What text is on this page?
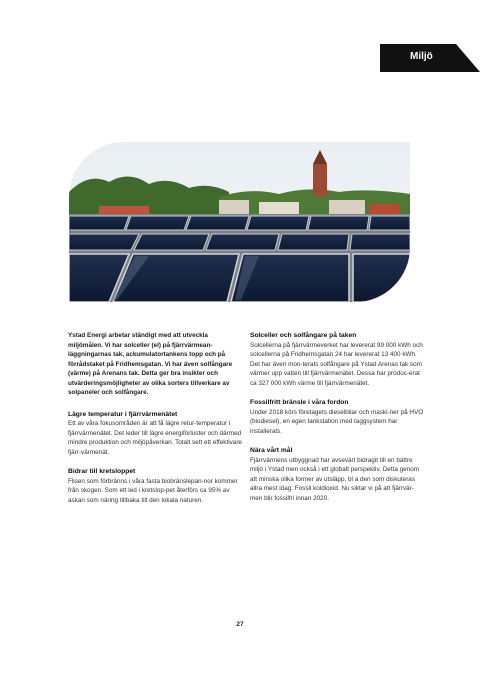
Miljö

Ystad Energi arbetar ständigt med att utveckla miljömålen. Vi har solceller (el) på fjärrvärmean-läggningarnas tak, ackumulatortankens topp och på förrådstaket på Fridhemsgatan. Vi har även solfångare (värme) på Arenans tak. Detta ger bra insikter och utvärderingsmöjligheter av olika sorters tillverkare av solpaneler och solfångare.

Lägre temperatur i fjärrvärmenätet

Ett av våra fokusområden är att få lägre retur-temperatur i fjärrvärmenätet. Det leder till lägre energiförluster och därmed mindre produktion och miljöpåverkan. Totalt sett ett effektivare fjärr-värmenät.

Bidrar till kretsloppet

Flisen som förbränns i våra fasta biobränslepan-nor kommer från skogen. Som ett led i kretslop-pet återförs ca 95% av askan som näring tillbaka till den lokala naturen.

Solceller och solfångare på taken

Solcellerna på fjärrvärmeverket har levererat 99 000 kWh och solcellerna på Fridhemsgatan 24 har levererat 13 400 kWh. Det har även mon-terats solfångare på Ystad Arenas tak som värmer upp vatten till fjärrvärmenätet. Dessa har produc-erat ca 327 000 kWh värme till fjärrvärmenätet.

Fossilfritt bränsle i våra fordon

Under 2018 körs företagets dieselbilar och maski-ner på HVO (biodiesel), en egen tankstation med taggsystem har installerats.

Nära vårt mål

Fjärrvärmens utbyggnad har avsevärt bidragit till en bättre miljö i Ystad men också i ett globalt perspektiv. Detta genom att minska olika former av utsläpp, bl a den som diskuteras allra mest idag: Fossil koldioxid. Nu siktar vi på att fjärrvär-men blir fossilfri innan 2020.

27
